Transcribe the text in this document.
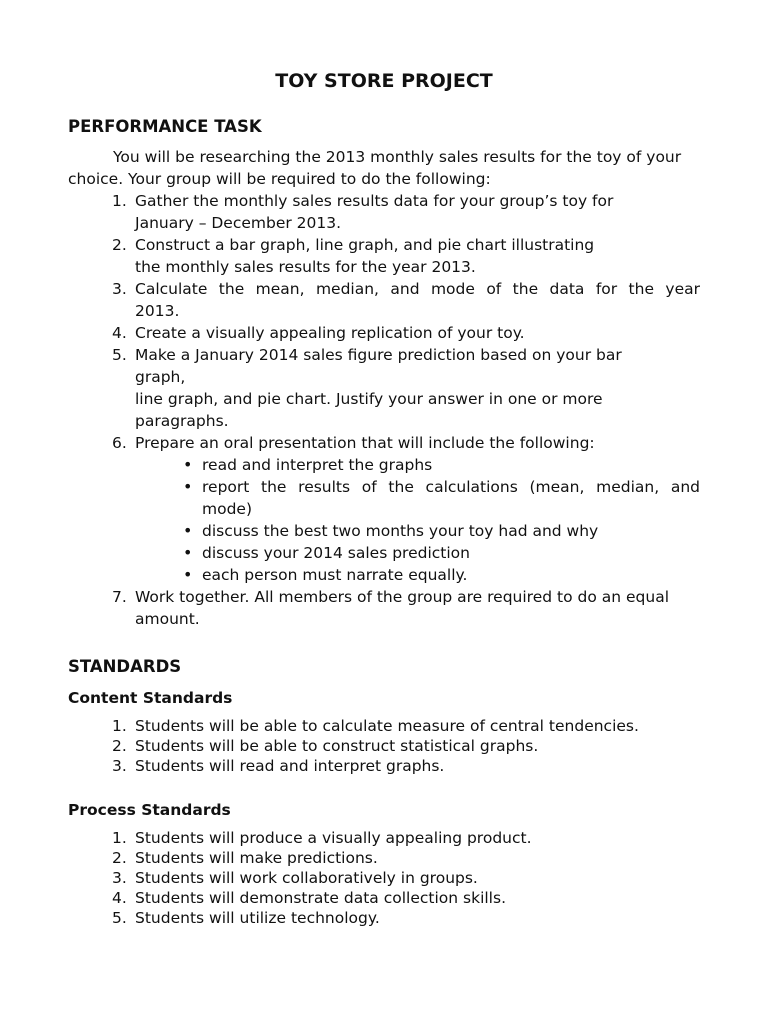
TOY STORE PROJECT
PERFORMANCE TASK

You will be researching the 2013 monthly sales results for the toy of your choice. Your group will be required to do the following:

1. Gather the monthly sales results data for your group’s toy for
January – December 2013.
2. Construct a bar graph, line graph, and pie chart illustrating
the monthly sales results for the year 2013.
3. Calculate the mean, median, and mode of the data for the year
2013.
4. Create a visually appealing replication of your toy.
5. Make a January 2014 sales figure prediction based on your bar
graph,
line graph, and pie chart. Justify your answer in one or more
paragraphs.
6. Prepare an oral presentation that will include the following:
• read and interpret the graphs
• report the results of the calculations (mean, median, and
mode)
• discuss the best two months your toy had and why
• discuss your 2014 sales prediction
• each person must narrate equally.
7. Work together. All members of the group are required to do an equal
amount.
STANDARDS
Content Standards
1. Students will be able to calculate measure of central tendencies.
2. Students will be able to construct statistical graphs.
3. Students will read and interpret graphs.
Process Standards
1. Students will produce a visually appealing product.
2. Students will make predictions.
3. Students will work collaboratively in groups.
4. Students will demonstrate data collection skills.
5. Students will utilize technology.
